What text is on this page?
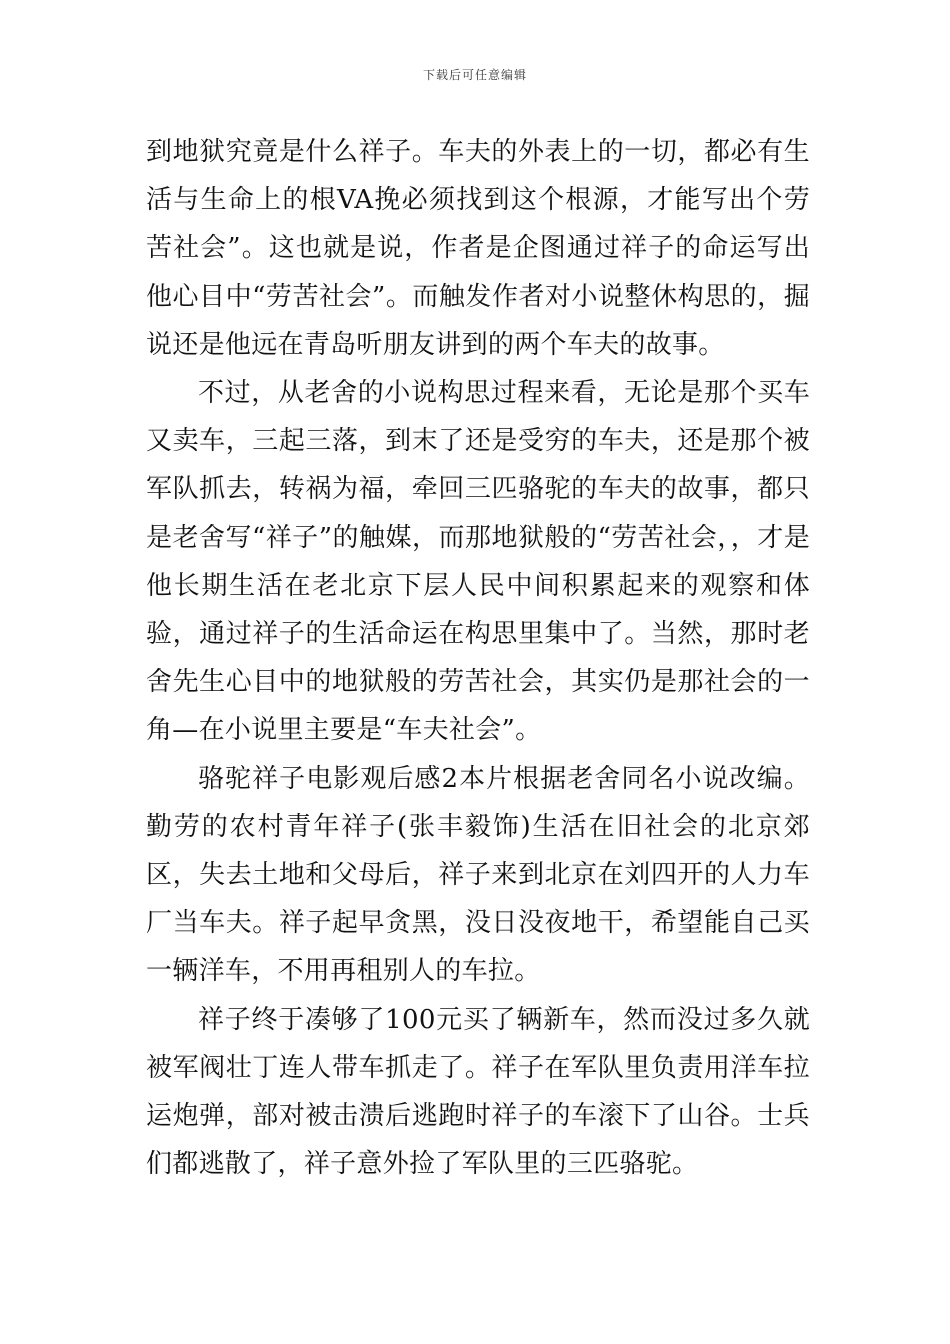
下载后可任意编辑

到地狱究竟是什么祥子。车夫的外表上的一切，都必有生活与生命上的根VA挽必须找到这个根源，才能写出个劳苦社会”。这也就是说，作者是企图通过祥子的命运写出他心目中“劳苦社会”。而触发作者对小说整休构思的，掘说还是他远在青岛听朋友讲到的两个车夫的故事。

不过，从老舍的小说构思过程来看，无论是那个买车又卖车，三起三落，到末了还是受穷的车夫，还是那个被军队抓去，转祸为福，牵回三匹骆驼的车夫的故事，都只是老舍写“祥子”的触媒，而那地狱般的“劳苦社会，，才是他长期生活在老北京下层人民中间积累起来的观察和体验，通过祥子的生活命运在构思里集中了。当然，那时老舍先生心目中的地狱般的劳苦社会，其实仍是那社会的一角—在小说里主要是“车夫社会”。

骆驼祥子电影观后感2本片根据老舍同名小说改编。勤劳的农村青年祥子(张丰毅饰)生活在旧社会的北京郊区，失去土地和父母后，祥子来到北京在刘四开的人力车厂当车夫。祥子起早贪黑，没日没夜地干，希望能自己买一辆洋车，不用再租别人的车拉。

祥子终于凑够了100元买了辆新车，然而没过多久就被军阀壮丁连人带车抓走了。祥子在军队里负责用洋车拉运炮弹，部对被击溃后逃跑时祥子的车滚下了山谷。士兵们都逃散了，祥子意外捡了军队里的三匹骆驼。
